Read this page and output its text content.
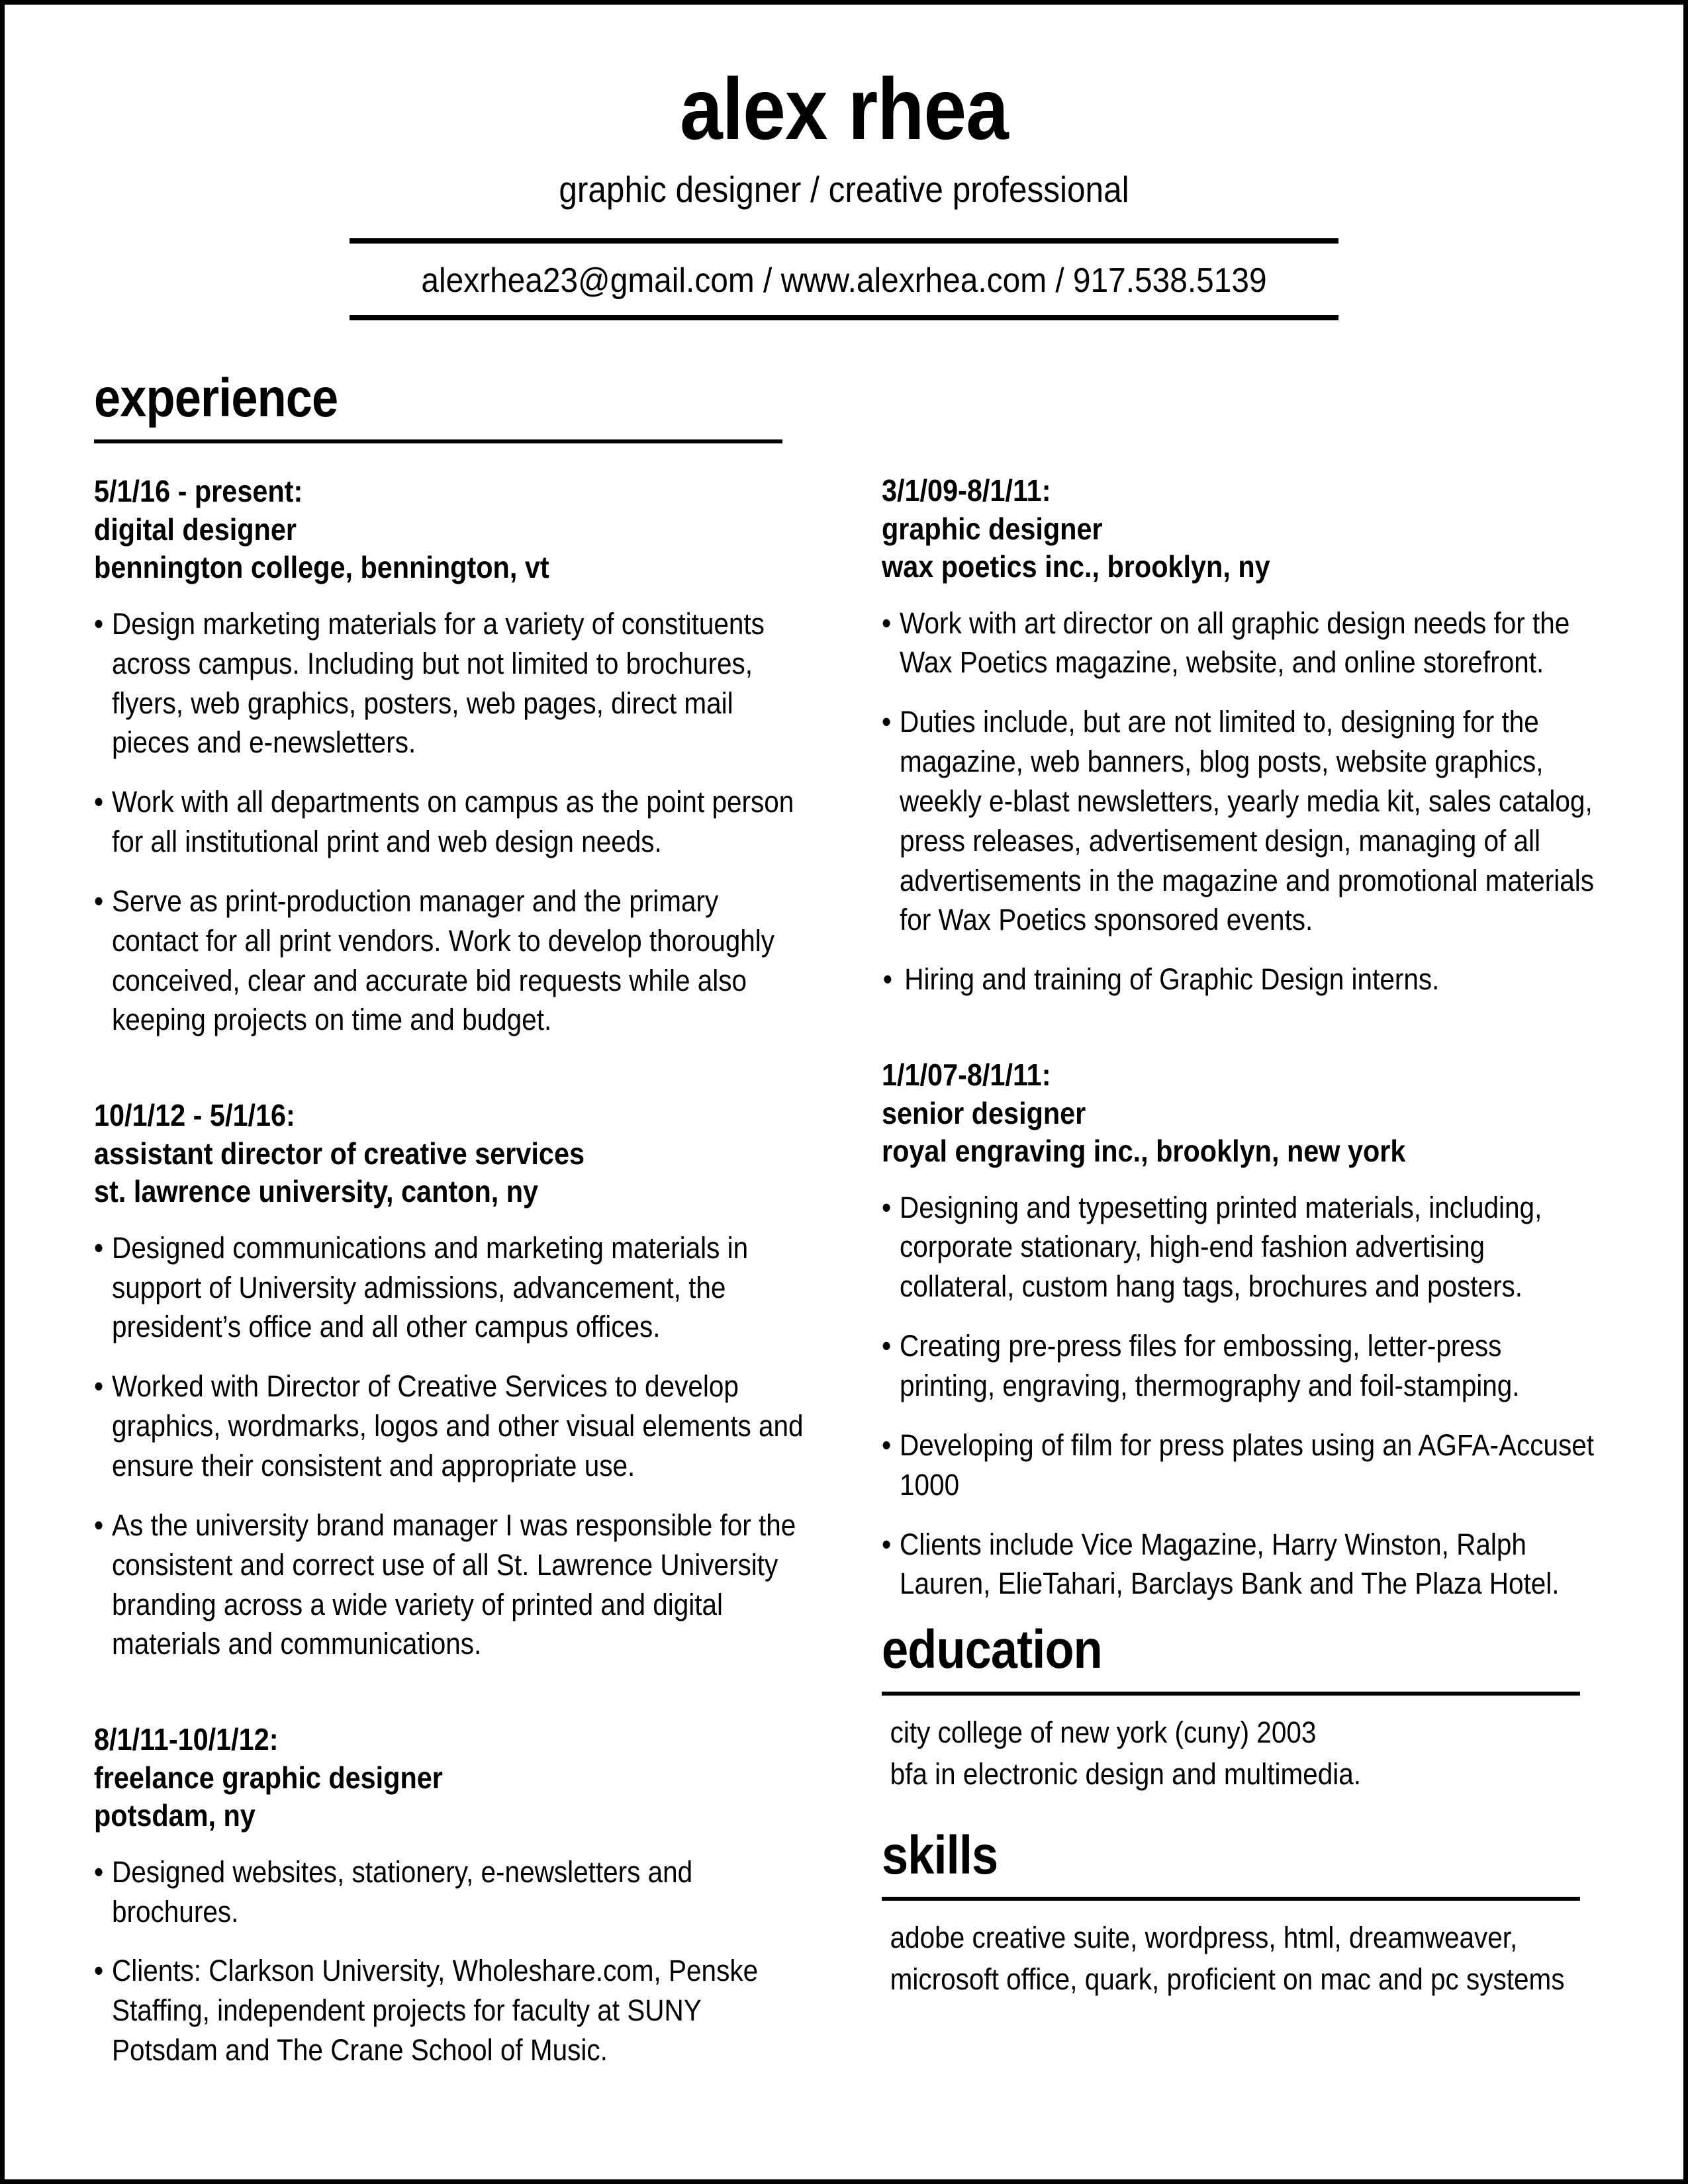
alex rhea
graphic designer / creative professional
alexrhea23@gmail.com / www.alexrhea.com / 917.538.5139
experience
5/1/16 - present:
digital designer
bennington college, bennington, vt
• Design marketing materials for a variety of constituents across campus. Including but not limited to brochures, flyers, web graphics, posters, web pages, direct mail pieces and e-newsletters.
• Work with all departments on campus as the point person for all institutional print and web design needs.
• Serve as print-production manager and the primary contact for all print vendors. Work to develop thoroughly conceived, clear and accurate bid requests while also keeping projects on time and budget.
10/1/12 - 5/1/16:
assistant director of creative services
st. lawrence university, canton, ny
• Designed communications and marketing materials in support of University admissions, advancement, the president’s office and all other campus offices.
• Worked with Director of Creative Services to develop graphics, wordmarks, logos and other visual elements and ensure their consistent and appropriate use.
• As the university brand manager I was responsible for the consistent and correct use of all St. Lawrence University branding across a wide variety of printed and digital materials and communications.
8/1/11-10/1/12:
freelance graphic designer
potsdam, ny
• Designed websites, stationery, e-newsletters and brochures.
• Clients: Clarkson University, Wholeshare.com, Penske Staffing, independent projects for faculty at SUNY Potsdam and The Crane School of Music.
3/1/09-8/1/11:
graphic designer
wax poetics inc., brooklyn, ny
• Work with art director on all graphic design needs for the Wax Poetics magazine, website, and online storefront.
• Duties include, but are not limited to, designing for the magazine, web banners, blog posts, website graphics, weekly e-blast newsletters, yearly media kit, sales catalog, press releases, advertisement design, managing of all advertisements in the magazine and promotional materials for Wax Poetics sponsored events.
• Hiring and training of Graphic Design interns.
1/1/07-8/1/11:
senior designer
royal engraving inc., brooklyn, new york
• Designing and typesetting printed materials, including, corporate stationary, high-end fashion advertising collateral, custom hang tags, brochures and posters.
• Creating pre-press files for embossing, letter-press printing, engraving, thermography and foil-stamping.
• Developing of film for press plates using an AGFA-Accuset 1000
• Clients include Vice Magazine, Harry Winston, Ralph Lauren, ElieTahari, Barclays Bank and The Plaza Hotel.
education
city college of new york (cuny) 2003
bfa in electronic design and multimedia.
skills
adobe creative suite, wordpress, html, dreamweaver,
microsoft office, quark, proficient on mac and pc systems
